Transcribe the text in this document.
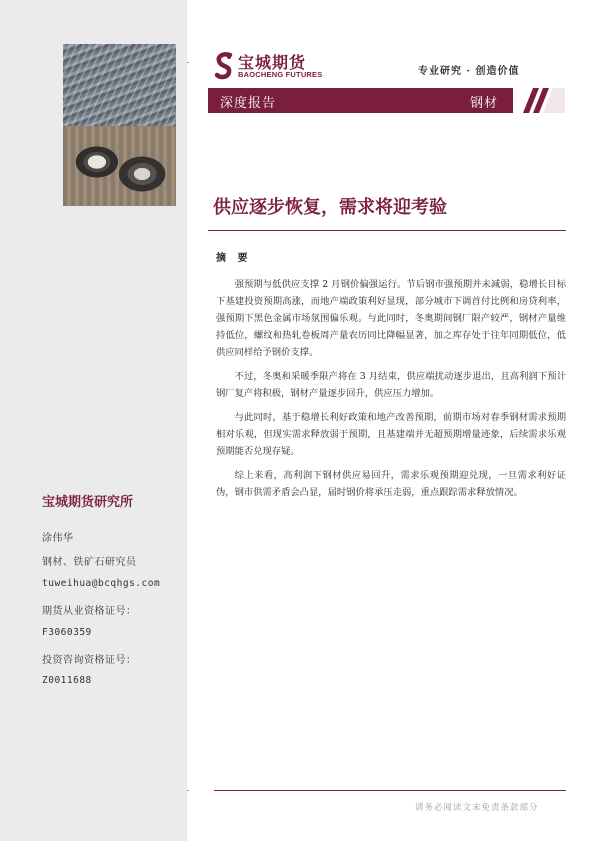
宝城期货研究所
涂伟华
钢材、铁矿石研究员
tuweihua@bcqhgs.com
期货从业资格证号：
F3060359
投资咨询资格证号：
Z0011688
宝城期货
BAOCHENG FUTURES	专业研究 · 创造价值
深度报告	钢材
供应逐步恢复，需求将迎考验
摘 要

强预期与低供应支撑 2 月钢价偏强运行。节后钢市强预期并未减弱，稳增长目标下基建投资预期高涨，而地产端政策利好显现，部分城市下调首付比例和房贷利率，强预期下黑色金属市场氛围偏乐观。与此同时，冬奥期间钢厂限产较严，钢材产量维持低位，螺纹和热轧卷板周产量农历同比降幅显著，加之库存处于往年同期低位，低供应同样给予钢价支撑。

不过，冬奥和采暖季限产将在 3 月结束，供应端扰动逐步退出，且高利润下预计钢厂复产将积极，钢材产量逐步回升，供应压力增加。

与此同时，基于稳增长利好政策和地产改善预期，前期市场对春季钢材需求预期相对乐观，但现实需求释放弱于预期，且基建端并无超预期增量迹象，后续需求乐观预期能否兑现存疑。

综上来看，高利润下钢材供应易回升，需求乐观预期迎兑现，一旦需求利好证伪，钢市供需矛盾会凸显，届时钢价将承压走弱，重点跟踪需求释放情况。

请务必阅读文末免责条款部分
